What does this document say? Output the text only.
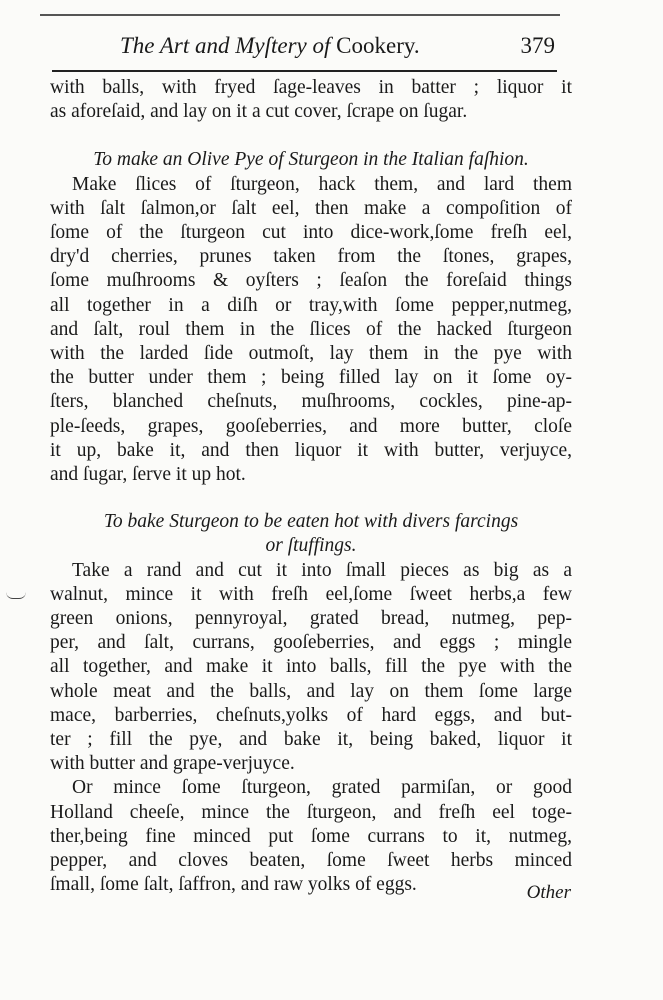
The Art and Myſtery of Cookery.	379

with balls, with fryed ſage-leaves in batter ; liquor it

as aforeſaid, and lay on it a cut cover, ſcrape on ſugar.

To make an Olive Pye of Sturgeon in the Italian faſhion.

Make ſlices of ſturgeon, hack them, and lard them

with ſalt ſalmon,or ſalt eel, then make a compoſition of

ſome of the ſturgeon cut into dice-work,ſome freſh eel,

dry'd cherries, prunes taken from the ſtones, grapes,

ſome muſhrooms & oyſters ; ſeaſon the foreſaid things

all together in a diſh or tray,with ſome pepper,nutmeg,

and ſalt, roul them in the ſlices of the hacked ſturgeon

with the larded ſide outmoſt, lay them in the pye with

the butter under them ; being filled lay on it ſome oy-

ſters, blanched cheſnuts, muſhrooms, cockles, pine-ap-

ple-ſeeds, grapes, gooſeberries, and more butter, cloſe

it up, bake it, and then liquor it with butter, verjuyce,

and ſugar, ſerve it up hot.

To bake Sturgeon to be eaten hot with divers farcings

or ſtuffings.

Take a rand and cut it into ſmall pieces as big as a

walnut, mince it with freſh eel,ſome ſweet herbs,a few

green onions, pennyroyal, grated bread, nutmeg, pep-

per, and ſalt, currans, gooſeberries, and eggs ; mingle

all together, and make it into balls, fill the pye with the

whole meat and the balls, and lay on them ſome large

mace, barberries, cheſnuts,yolks of hard eggs, and but-

ter ; fill the pye, and bake it, being baked, liquor it

with butter and grape-verjuyce.

Or mince ſome ſturgeon, grated parmiſan, or good

Holland cheeſe, mince the ſturgeon, and freſh eel toge-

ther,being fine minced put ſome currans to it, nutmeg,

pepper, and cloves beaten, ſome ſweet herbs minced

ſmall, ſome ſalt, ſaffron, and raw yolks of eggs.	Other
